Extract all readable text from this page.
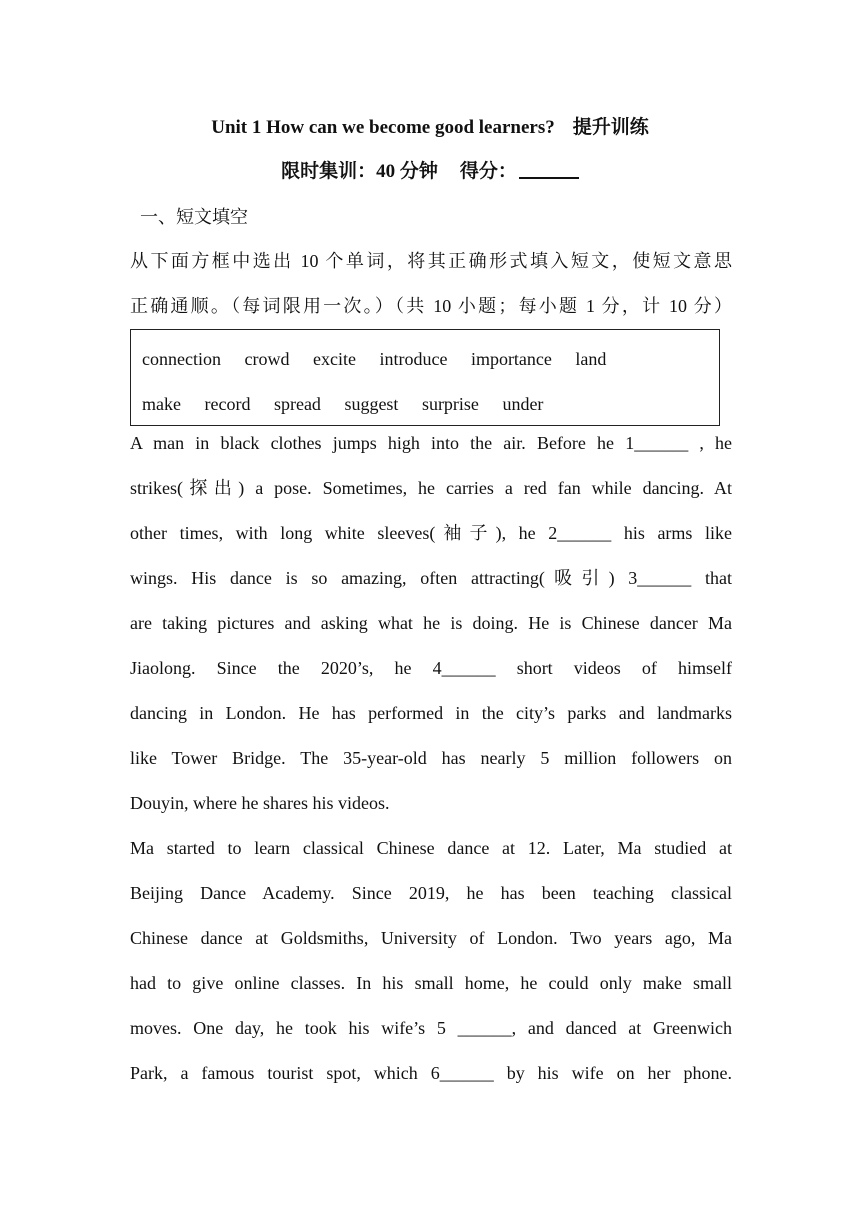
Unit 1 How can we become good learners? 提升训练
限时集训：40 分钟 得分：
一、短文填空
从下面方框中选出 10 个单词，将其正确形式填入短文，使短文意思
正确通顺。（每词限用一次。）（共 10 小题；每小题 1 分，计 10 分）
connection crowd excite introduce importance land
make record spread suggest surprise under
A man in black clothes jumps high into the air. Before he 1______ , he
strikes(探出) a pose. Sometimes, he carries a red fan while dancing. At
other times, with long white sleeves(袖子), he 2______ his arms like
wings. His dance is so amazing, often attracting(吸引) 3______ that
are taking pictures and asking what he is doing. He is Chinese dancer Ma
Jiaolong. Since the 2020’s, he 4______ short videos of himself
dancing in London. He has performed in the city’s parks and landmarks
like Tower Bridge. The 35-year-old has nearly 5 million followers on
Douyin, where he shares his videos.
Ma started to learn classical Chinese dance at 12. Later, Ma studied at
Beijing Dance Academy. Since 2019, he has been teaching classical
Chinese dance at Goldsmiths, University of London. Two years ago, Ma
had to give online classes. In his small home, he could only make small
moves. One day, he took his wife’s 5 ______, and danced at Greenwich
Park, a famous tourist spot, which 6______ by his wife on her phone.
